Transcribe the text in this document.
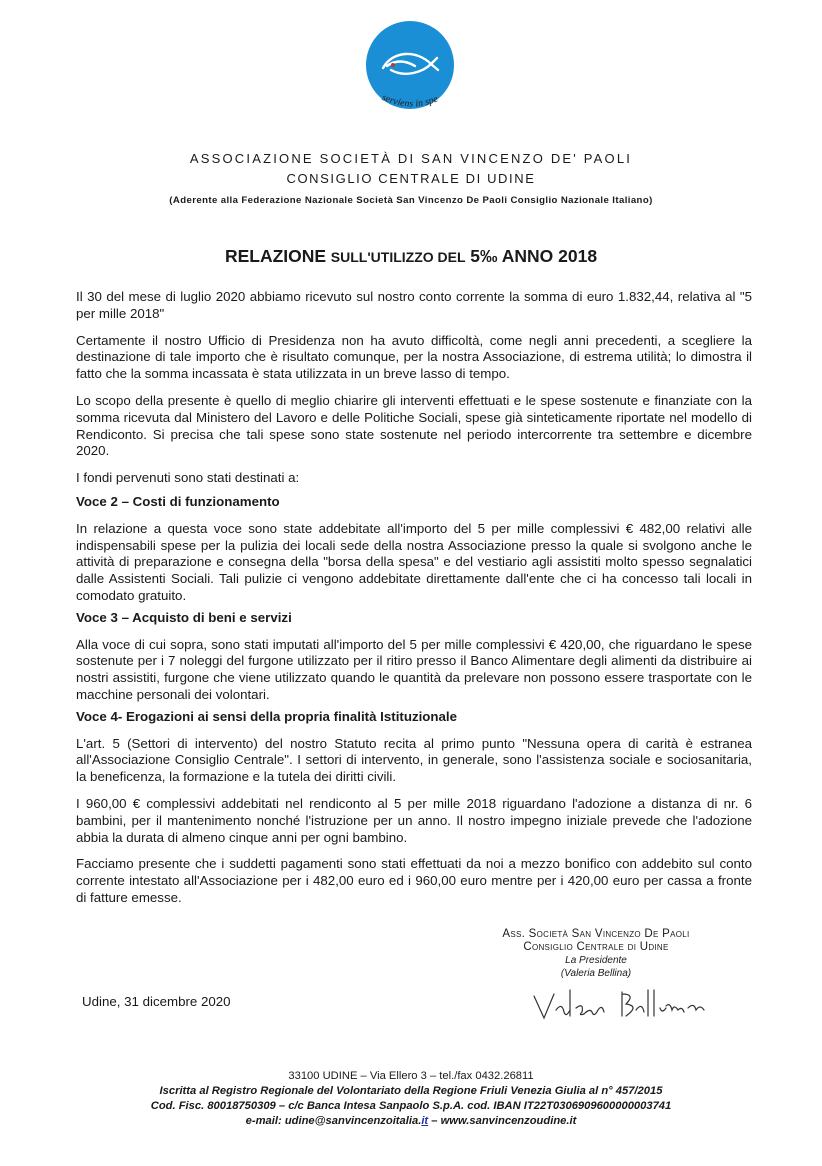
serviens in spe
ASSOCIAZIONE SOCIETÀ DI SAN VINCENZO DE' PAOLI
CONSIGLIO CENTRALE DI UDINE
(Aderente alla Federazione Nazionale Società San Vincenzo De Paoli Consiglio Nazionale Italiano)
RELAZIONE SULL'UTILIZZO DEL 5‰ ANNO 2018

Il 30 del mese di luglio 2020 abbiamo ricevuto sul nostro conto corrente la somma di euro 1.832,44, relativa al "5 per mille 2018"

Certamente il nostro Ufficio di Presidenza non ha avuto difficoltà, come negli anni precedenti, a scegliere la destinazione di tale importo che è risultato comunque, per la nostra Associazione, di estrema utilità; lo dimostra il fatto che la somma incassata è stata utilizzata in un breve lasso di tempo.

Lo scopo della presente è quello di meglio chiarire gli interventi effettuati e le spese sostenute e finanziate con la somma ricevuta dal Ministero del Lavoro e delle Politiche Sociali, spese già sinteticamente riportate nel modello di Rendiconto. Si precisa che tali spese sono state sostenute nel periodo intercorrente tra settembre e dicembre 2020.

I fondi pervenuti sono stati destinati a:

Voce 2 – Costi di funzionamento

In relazione a questa voce sono state addebitate all'importo del 5 per mille complessivi € 482,00 relativi alle indispensabili spese per la pulizia dei locali sede della nostra Associazione presso la quale si svolgono anche le attività di preparazione e consegna della "borsa della spesa" e del vestiario agli assistiti molto spesso segnalatici dalle Assistenti Sociali. Tali pulizie ci vengono addebitate direttamente dall'ente che ci ha concesso tali locali in comodato gratuito.

Voce 3 – Acquisto di beni e servizi

Alla voce di cui sopra, sono stati imputati all'importo del 5 per mille complessivi € 420,00, che riguardano le spese sostenute per i 7 noleggi del furgone utilizzato per il ritiro presso il Banco Alimentare degli alimenti da distribuire ai nostri assistiti, furgone che viene utilizzato quando le quantità da prelevare non possono essere trasportate con le macchine personali dei volontari.

Voce 4- Erogazioni ai sensi della propria finalità Istituzionale

L'art. 5 (Settori di intervento) del nostro Statuto recita al primo punto "Nessuna opera di carità è estranea all'Associazione Consiglio Centrale". I settori di intervento, in generale, sono l'assistenza sociale e sociosanitaria, la beneficenza, la formazione e la tutela dei diritti civili.

I 960,00 € complessivi addebitati nel rendiconto al 5 per mille 2018 riguardano l'adozione a distanza di nr. 6 bambini, per il mantenimento nonché l'istruzione per un anno. Il nostro impegno iniziale prevede che l'adozione abbia la durata di almeno cinque anni per ogni bambino.

Facciamo presente che i suddetti pagamenti sono stati effettuati da noi a mezzo bonifico con addebito sul conto corrente intestato all'Associazione per i 482,00 euro ed i 960,00 euro mentre per i 420,00 euro per cassa a fronte di fatture emesse.

Ass. Società San Vincenzo De Paoli
Consiglio Centrale di Udine
La Presidente
(Valeria Bellina)
Udine, 31 dicembre 2020
33100 UDINE – Via Ellero 3 – tel./fax 0432.26811
Iscritta al Registro Regionale del Volontariato della Regione Friuli Venezia Giulia al n° 457/2015
Cod. Fisc. 80018750309 – c/c Banca Intesa Sanpaolo S.p.A. cod. IBAN IT22T0306909600000003741
e-mail: udine@sanvincenzoitalia.it – www.sanvincenzoudine.it
